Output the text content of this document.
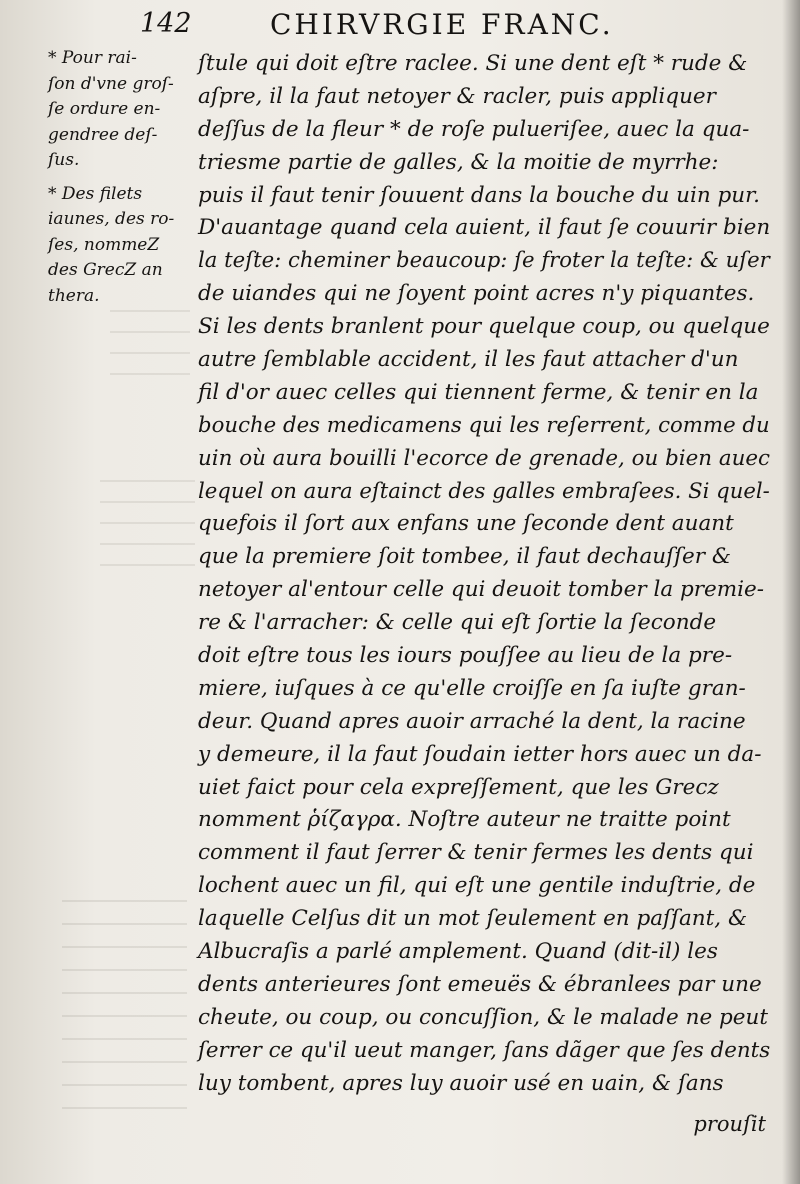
142	CHIRVRGIE FRANC.
* Pour rai-
ſon d'vne groſ-
ſe ordure en-
gendree deſ-
ſus.
* Des filets
iaunes, des ro-
ſes, nommeZ
des GrecZ an
thera.
ſtule qui doit eſtre raclee. Si une dent eſt * rude &
aſpre, il la faut netoyer & racler, puis appliquer
deſſus de la fleur * de roſe pulueriſee, auec la qua-
triesme partie de galles, & la moitie de myrrhe:
puis il faut tenir ſouuent dans la bouche du uin pur.
D'auantage quand cela auient, il faut ſe couurir bien
la teſte: cheminer beaucoup: ſe froter la teſte: & uſer
de uiandes qui ne ſoyent point acres n'y piquantes.
Si les dents branlent pour quelque coup, ou quelque
autre ſemblable accident, il les faut attacher d'un
fil d'or auec celles qui tiennent ferme, & tenir en la
bouche des medicamens qui les reſerrent, comme du
uin où aura bouilli l'ecorce de grenade, ou bien auec
lequel on aura eſtainct des galles embraſees. Si quel-
quefois il ſort aux enfans une ſeconde dent auant
que la premiere ſoit tombee, il faut dechauſſer &
netoyer al'entour celle qui deuoit tomber la premie-
re & l'arracher: & celle qui eſt ſortie la ſeconde
doit eſtre tous les iours pouſſee au lieu de la pre-
miere, iuſques à ce qu'elle croiſſe en ſa iuſte gran-
deur. Quand apres auoir arraché la dent, la racine
y demeure, il la faut ſoudain ietter hors auec un da-
uiet faict pour cela expreſſement, que les Grecz
nomment ῥίζαγρα. Noſtre auteur ne traitte point
comment il faut ſerrer & tenir fermes les dents qui
lochent auec un fil, qui eſt une gentile induſtrie, de
laquelle Celſus dit un mot ſeulement en paſſant, &
Albucraſis a parlé amplement. Quand (dit-il) les
dents anterieures ſont emeuës & ébranlees par une
cheute, ou coup, ou concuſſion, & le malade ne peut
ſerrer ce qu'il ueut manger, ſans dãger que ſes dents
luy tombent, apres luy auoir usé en uain, & ſans
prouſit
